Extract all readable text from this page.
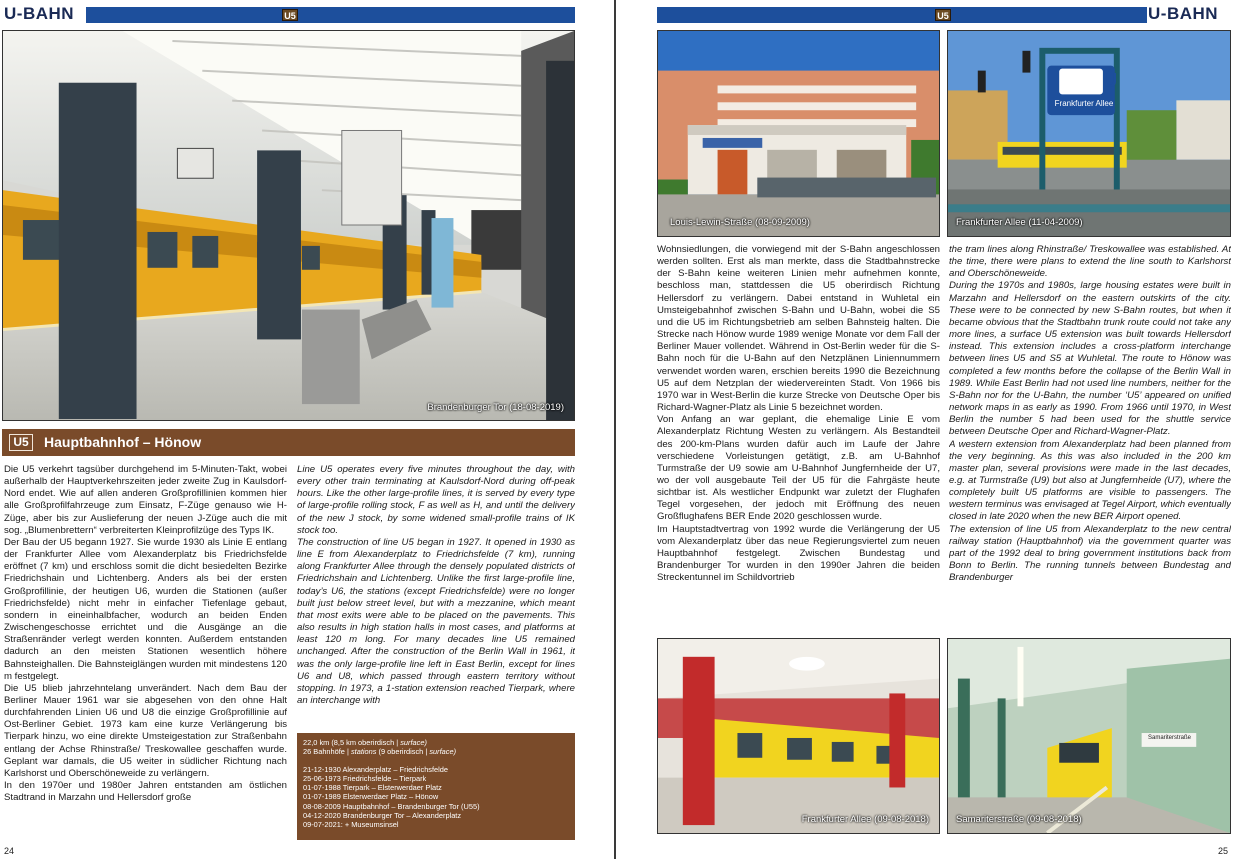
U-BAHN	U5
Brandenburger Tor (18-08-2019)
U5	Hauptbahnhof – Hönow
Die U5 verkehrt tagsüber durchgehend im 5-Minuten-Takt, wobei außerhalb der Hauptverkehrszeiten jeder zweite Zug in Kaulsdorf-Nord endet. Wie auf allen anderen Großprofillinien kommen hier alle Großprofilfahrzeuge zum Einsatz, F-Züge genauso wie H-Züge, aber bis zur Auslieferung der neuen J-Züge auch die mit sog. „Blumenbrettern“ verbreiterten Kleinprofilzüge des Typs IK.
Der Bau der U5 begann 1927. Sie wurde 1930 als Linie E entlang der Frankfurter Allee vom Alexanderplatz bis Friedrichsfelde eröffnet (7 km) und erschloss somit die dicht besiedelten Bezirke Friedrichshain und Lichtenberg. Anders als bei der ersten Großprofillinie, der heutigen U6, wurden die Stationen (außer Friedrichsfelde) nicht mehr in einfacher Tiefenlage gebaut, sondern in eineinhalbfacher, wodurch an beiden Enden Zwischengeschosse errichtet und die Ausgänge an die Straßenränder verlegt werden konnten. Außerdem entstanden dadurch an den meisten Stationen wesentlich höhere Bahnsteighallen. Die Bahnsteiglängen wurden mit mindestens 120 m festgelegt.
Die U5 blieb jahrzehntelang unverändert. Nach dem Bau der Berliner Mauer 1961 war sie abgesehen von den ohne Halt durchfahrenden Linien U6 und U8 die einzige Großprofillinie auf Ost-Berliner Gebiet. 1973 kam eine kurze Verlängerung bis Tierpark hinzu, wo eine direkte Umsteigestation zur Straßenbahn entlang der Achse Rhinstraße/ Treskowallee geschaffen wurde. Geplant war damals, die U5 weiter in südlicher Richtung nach Karlshorst und Oberschöneweide zu verlängern.
In den 1970er und 1980er Jahren entstanden am östlichen Stadtrand in Marzahn und Hellersdorf große
Line U5 operates every five minutes throughout the day, with every other train terminating at Kaulsdorf-Nord during off-peak hours. Like the other large-profile lines, it is served by every type of large-profile rolling stock, F as well as H, and until the delivery of the new J stock, by some widened small-profile trains of IK stock too.
The construction of line U5 began in 1927. It opened in 1930 as line E from Alexanderplatz to Friedrichsfelde (7 km), running along Frankfurter Allee through the densely populated districts of Friedrichshain and Lichtenberg. Unlike the first large-profile line, today’s U6, the stations (except Friedrichsfelde) were no longer built just below street level, but with a mezzanine, which meant that most exits were able to be placed on the pavements. This also results in high station halls in most cases, and platforms at least 120 m long. For many decades line U5 remained unchanged. After the construction of the Berlin Wall in 1961, it was the only large-profile line left in East Berlin, except for lines U6 and U8, which passed through eastern territory without stopping. In 1973, a 1-station extension reached Tierpark, where an interchange with
22,0 km (8,5 km oberirdisch | surface)
26 Bahnhöfe | stations (9 oberirdisch | surface)
21-12-1930 Alexanderplatz – Friedrichsfelde
25-06-1973 Friedrichsfelde – Tierpark
01-07-1988 Tierpark – Elsterwerdaer Platz
01-07-1989 Elsterwerdaer Platz – Hönow
08-08-2009 Hauptbahnhof – Brandenburger Tor (U55)
04-12-2020 Brandenburger Tor – Alexanderplatz
09-07-2021: + Museumsinsel
24
U5	U-BAHN
Louis-Lewin-Straße (08-09-2009)
U
Frankfurter Allee
Frankfurter Allee (11-04-2009)
Wohnsiedlungen, die vorwiegend mit der S-Bahn angeschlossen werden sollten. Erst als man merkte, dass die Stadtbahnstrecke der S-Bahn keine weiteren Linien mehr aufnehmen konnte, beschloss man, stattdessen die U5 oberirdisch Richtung Hellersdorf zu verlängern. Dabei entstand in Wuhletal ein Umsteigebahnhof zwischen S-Bahn und U-Bahn, wobei die S5 und die U5 im Richtungsbetrieb am selben Bahnsteig halten. Die Strecke nach Hönow wurde 1989 wenige Monate vor dem Fall der Berliner Mauer vollendet. Während in Ost-Berlin weder für die S-Bahn noch für die U-Bahn auf den Netzplänen Liniennummern verwendet worden waren, erschien bereits 1990 die Bezeichnung U5 auf dem Netzplan der wiedervereinten Stadt. Von 1966 bis 1970 war in West-Berlin die kurze Strecke von Deutsche Oper bis Richard-Wagner-Platz als Linie 5 bezeichnet worden.
Von Anfang an war geplant, die ehemalige Linie E vom Alexanderplatz Richtung Westen zu verlängern. Als Bestandteil des 200-km-Plans wurden dafür auch im Laufe der Jahre verschiedene Vorleistungen getätigt, z.B. am U-Bahnhof Turmstraße der U9 sowie am U-Bahnhof Jungfernheide der U7, wo der voll ausgebaute Teil der U5 für die Fahrgäste heute sichtbar ist. Als westlicher Endpunkt war zuletzt der Flughafen Tegel vorgesehen, der jedoch mit Eröffnung des neuen Großflughafens BER Ende 2020 geschlossen wurde.
Im Hauptstadtvertrag von 1992 wurde die Verlängerung der U5 vom Alexanderplatz über das neue Regierungsviertel zum neuen Hauptbahnhof festgelegt. Zwischen Bundestag und Brandenburger Tor wurden in den 1990er Jahren die beiden Streckentunnel im Schildvortrieb
the tram lines along Rhinstraße/ Treskowallee was established. At the time, there were plans to extend the line south to Karlshorst and Oberschöneweide.
During the 1970s and 1980s, large housing estates were built in Marzahn and Hellersdorf on the eastern outskirts of the city. These were to be connected by new S-Bahn routes, but when it became obvious that the Stadtbahn trunk route could not take any more lines, a surface U5 extension was built towards Hellersdorf instead. This extension includes a cross-platform interchange between lines U5 and S5 at Wuhletal. The route to Hönow was completed a few months before the collapse of the Berlin Wall in 1989. While East Berlin had not used line numbers, neither for the S-Bahn nor for the U-Bahn, the number ‘U5’ appeared on unified network maps in as early as 1990. From 1966 until 1970, in West Berlin the number 5 had been used for the shuttle service between Deutsche Oper and Richard-Wagner-Platz.
A western extension from Alexanderplatz had been planned from the very beginning. As this was also included in the 200 km master plan, several provisions were made in the last decades, e.g. at Turmstraße (U9) but also at Jungfernheide (U7), where the completely built U5 platforms are visible to passengers. The western terminus was envisaged at Tegel Airport, which eventually closed in late 2020 when the new BER Airport opened.
The extension of line U5 from Alexanderplatz to the new central railway station (Hauptbahnhof) via the government quarter was part of the 1992 deal to bring government institutions back from Bonn to Berlin. The running tunnels between Bundestag and Brandenburger
Frankfurter Allee (09-08-2018)
Samariterstraße
Samariterstraße (09-08-2018)
25
